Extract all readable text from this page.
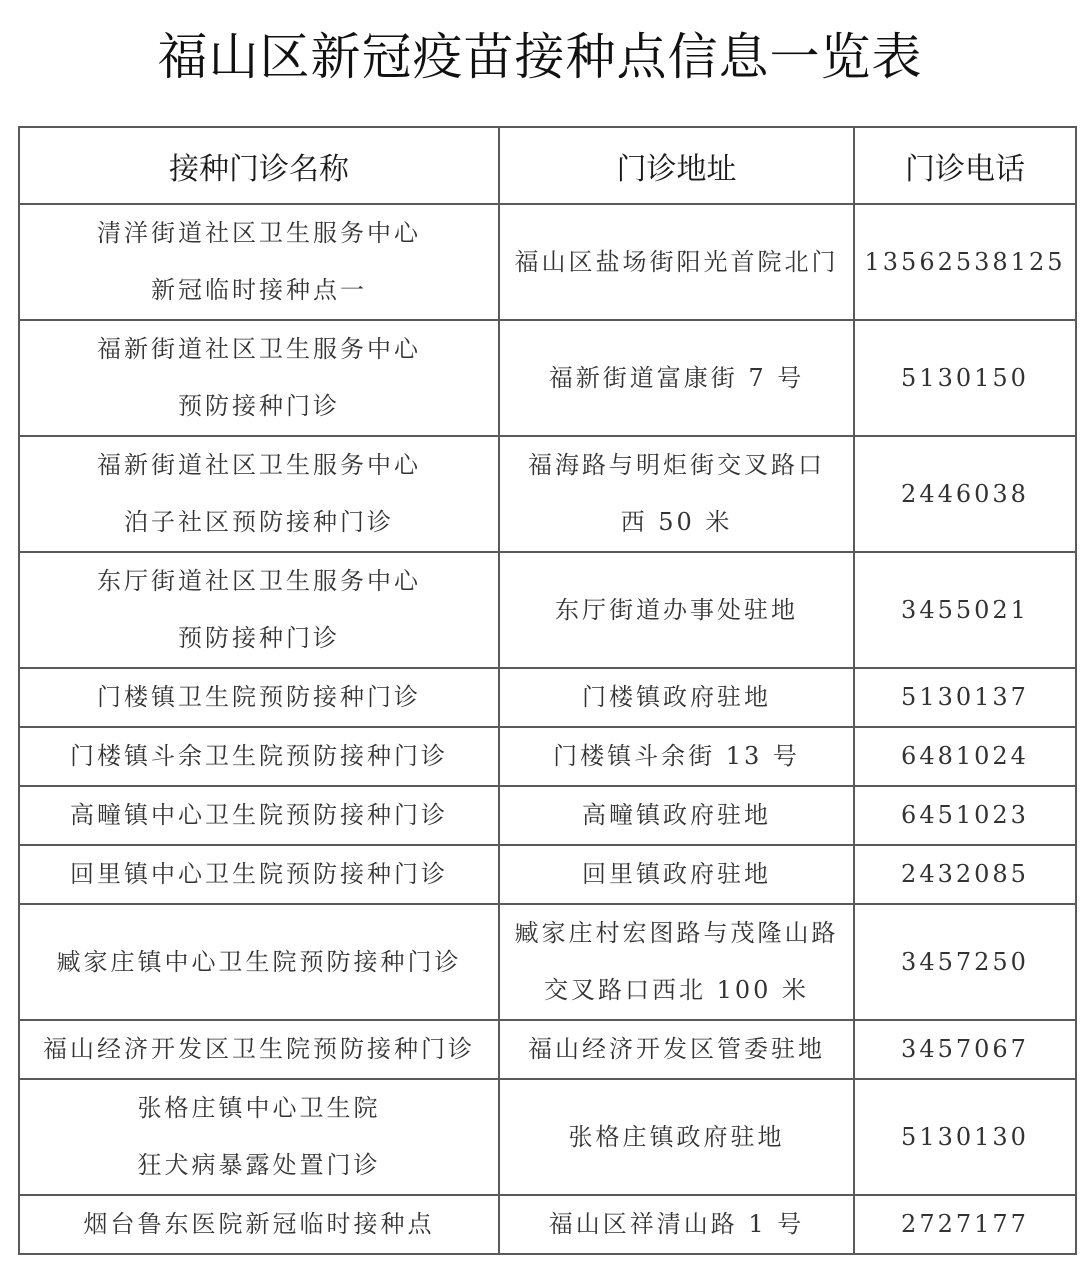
福山区新冠疫苗接种点信息一览表
接种门诊名称	门诊地址	门诊电话

清洋街道社区卫生服务中心
新冠临时接种点一	福山区盐场街阳光首院北门	13562538125

福新街道社区卫生服务中心
预防接种门诊	福新街道富康街 7 号	5130150

福新街道社区卫生服务中心
泊子社区预防接种门诊	福海路与明炬街交叉路口
西 50 米	2446038

东厅街道社区卫生服务中心
预防接种门诊	东厅街道办事处驻地	3455021

门楼镇卫生院预防接种门诊	门楼镇政府驻地	5130137

门楼镇斗余卫生院预防接种门诊	门楼镇斗余街 13 号	6481024

高疃镇中心卫生院预防接种门诊	高疃镇政府驻地	6451023

回里镇中心卫生院预防接种门诊	回里镇政府驻地	2432085

臧家庄镇中心卫生院预防接种门诊	臧家庄村宏图路与茂隆山路
交叉路口西北 100 米	3457250

福山经济开发区卫生院预防接种门诊	福山经济开发区管委驻地	3457067

张格庄镇中心卫生院
狂犬病暴露处置门诊	张格庄镇政府驻地	5130130

烟台鲁东医院新冠临时接种点	福山区祥清山路 1 号	2727177
